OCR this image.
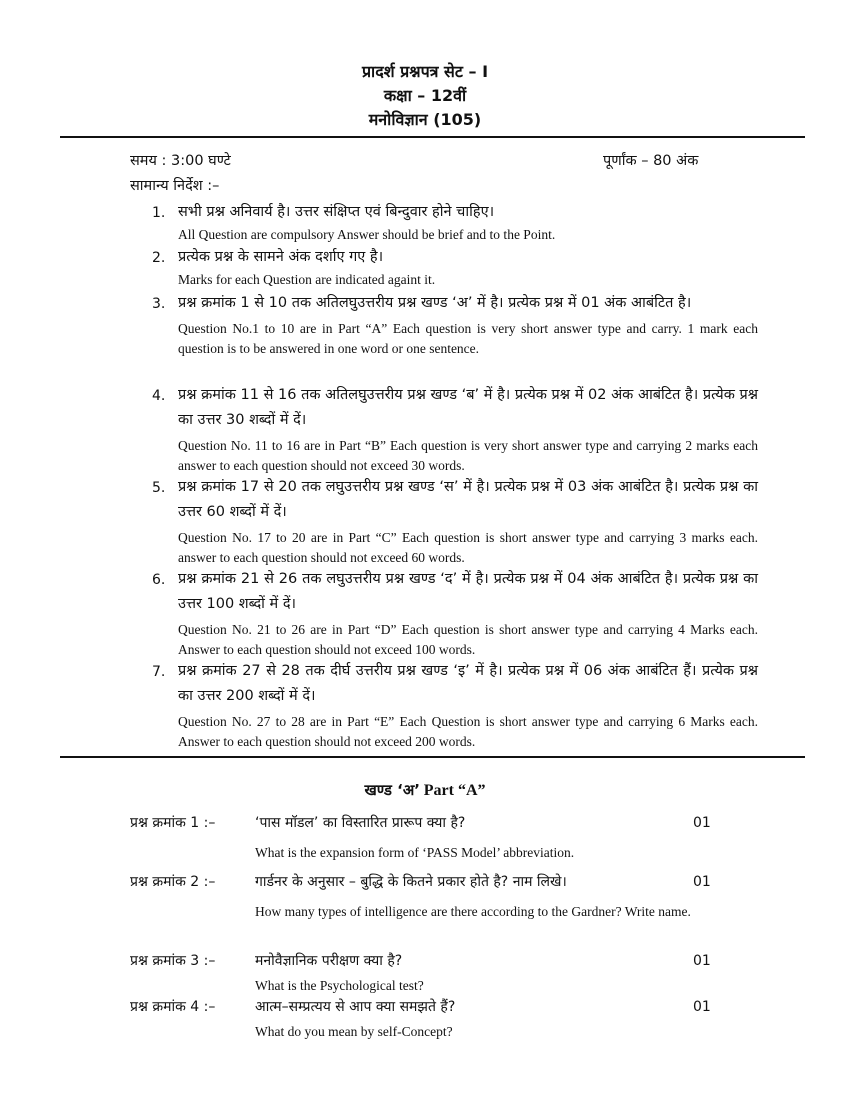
प्रादर्श प्रश्नपत्र सेट – I
कक्षा – 12वीं
मनोविज्ञान (105)
समय : 3:00 घण्टे	पूर्णांक – 80 अंक
सामान्य निर्देश :–
1. सभी प्रश्न अनिवार्य है। उत्तर संक्षिप्त एवं बिन्दुवार होने चाहिए।
All Question are compulsory Answer should be brief and to the Point.
2. प्रत्येक प्रश्न के सामने अंक दर्शाए गए है।
Marks for each Question are indicated againt it.
3. प्रश्न क्रमांक 1 से 10 तक अतिलघुउत्तरीय प्रश्न खण्ड ‘अ’ में है। प्रत्येक प्रश्न में 01 अंक आबंटित है।
Question No.1 to 10 are in Part “A” Each question is very short answer type and carry. 1 mark each question is to be answered in one word or one sentence.
4. प्रश्न क्रमांक 11 से 16 तक अतिलघुउत्तरीय प्रश्न खण्ड ‘ब’ में है। प्रत्येक प्रश्न में 02 अंक आबंटित है। प्रत्येक प्रश्न का उत्तर 30 शब्दों में दें।
Question No. 11 to 16 are in Part “B” Each question is very short answer type and carrying 2 marks each answer to each question should not exceed 30 words.
5. प्रश्न क्रमांक 17 से 20 तक लघुउत्तरीय प्रश्न खण्ड ‘स’ में है। प्रत्येक प्रश्न में 03 अंक आबंटित है। प्रत्येक प्रश्न का उत्तर 60 शब्दों में दें।
Question No. 17 to 20 are in Part “C” Each question is short answer type and carrying 3 marks each. answer to each question should not exceed 60 words.
6. प्रश्न क्रमांक 21 से 26 तक लघुउत्तरीय प्रश्न खण्ड ‘द’ में है। प्रत्येक प्रश्न में 04 अंक आबंटित है। प्रत्येक प्रश्न का उत्तर 100 शब्दों में दें।
Question No. 21 to 26 are in Part “D” Each question is short answer type and carrying 4 Marks each. Answer to each question should not exceed 100 words.
7. प्रश्न क्रमांक 27 से 28 तक दीर्घ उत्तरीय प्रश्न खण्ड ‘इ’ में है। प्रत्येक प्रश्न में 06 अंक आबंटित हैं। प्रत्येक प्रश्न का उत्तर 200 शब्दों में दें।
Question No. 27 to 28 are in Part “E” Each Question is short answer type and carrying 6 Marks each. Answer to each question should not exceed 200 words.
खण्ड ‘अ’ Part “A”
प्रश्न क्रमांक 1 :–	‘पास मॉडल’ का विस्तारित प्रारूप क्या है?	01
What is the expansion form of ‘PASS Model’ abbreviation.
प्रश्न क्रमांक 2 :–	गार्डनर के अनुसार – बुद्धि के कितने प्रकार होते है? नाम लिखे।	01
How many types of intelligence are there according to the Gardner? Write name.
प्रश्न क्रमांक 3 :–	मनोवैज्ञानिक परीक्षण क्या है?	01
What is the Psychological test?
प्रश्न क्रमांक 4 :–	आत्म–सम्प्रत्यय से आप क्या समझते हैं?	01
What do you mean by self-Concept?
